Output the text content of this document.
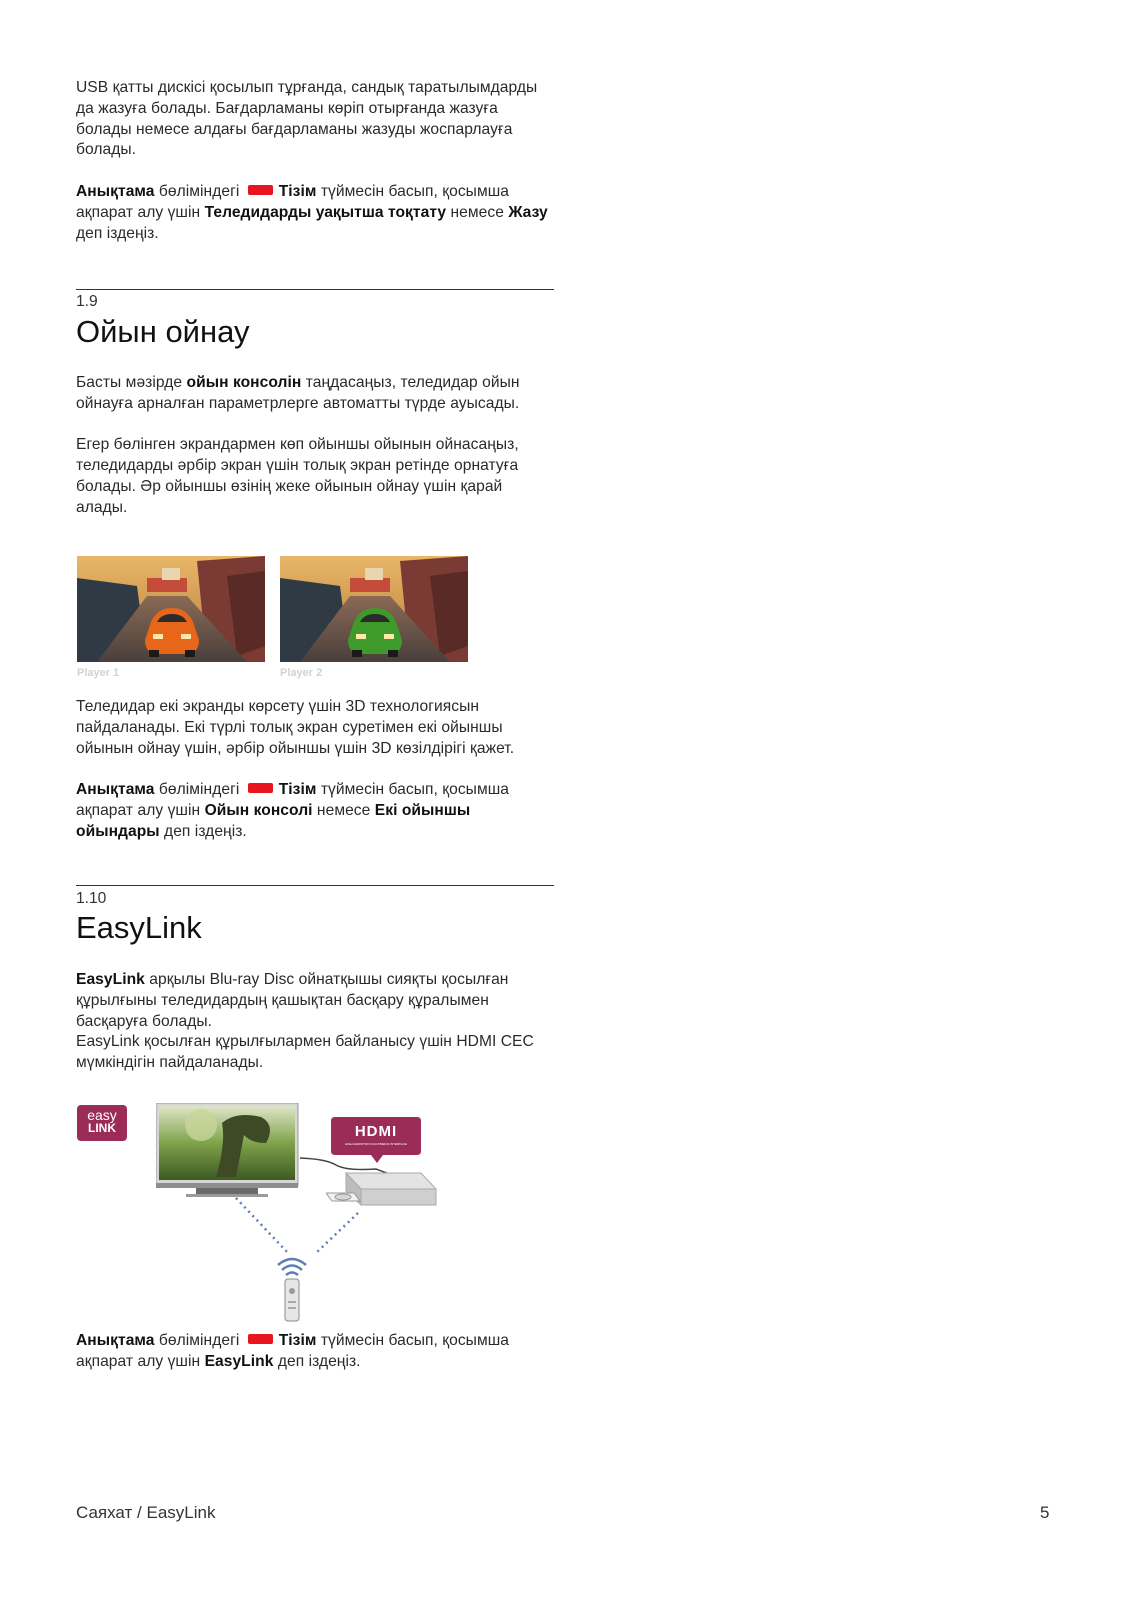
USB қатты дискісі қосылып тұрғанда, сандық таратылымдарды да жазуға болады. Бағдарламаны көріп отырғанда жазуға болады немесе алдағы бағдарламаны жазуды жоспарлауға болады.

Анықтама бөліміндегі Тізім түймесін басып, қосымша ақпарат алу үшін Теледидарды уақытша тоқтату немесе Жазу деп іздеңіз.

1.9
Ойын ойнау

Басты мәзірде ойын консолін таңдасаңыз, теледидар ойын ойнауға арналған параметрлерге автоматты түрде ауысады.

Егер бөлінген экрандармен көп ойыншы ойынын ойнасаңыз, теледидарды әрбір экран үшін толық экран ретінде орнатуға болады. Әр ойыншы өзінің жеке ойынын ойнау үшін қарай алады.

Player 1	Player 2

Теледидар екі экранды көрсету үшін 3D технологиясын пайдаланады. Екі түрлі толық экран суретімен екі ойыншы ойынын ойнау үшін, әрбір ойыншы үшін 3D көзілдірігі қажет.

Анықтама бөліміндегі Тізім түймесін басып, қосымша ақпарат алу үшін Ойын консолі немесе Екі ойыншы ойындары деп іздеңіз.

1.10
EasyLink

EasyLink арқылы Blu-ray Disc ойнатқышы сияқты қосылған құрылғыны теледидардың қашықтан басқару құралымен басқаруға болады.

EasyLink қосылған құрылғылармен байланысу үшін HDMI CEC мүмкіндігін пайдаланады.

easy
LINK	HDMI
HIGH-DEFINITION MULTIMEDIA INTERFACE

Анықтама бөліміндегі Тізім түймесін басып, қосымша ақпарат алу үшін EasyLink деп іздеңіз.

Саяхат / EasyLink	5
